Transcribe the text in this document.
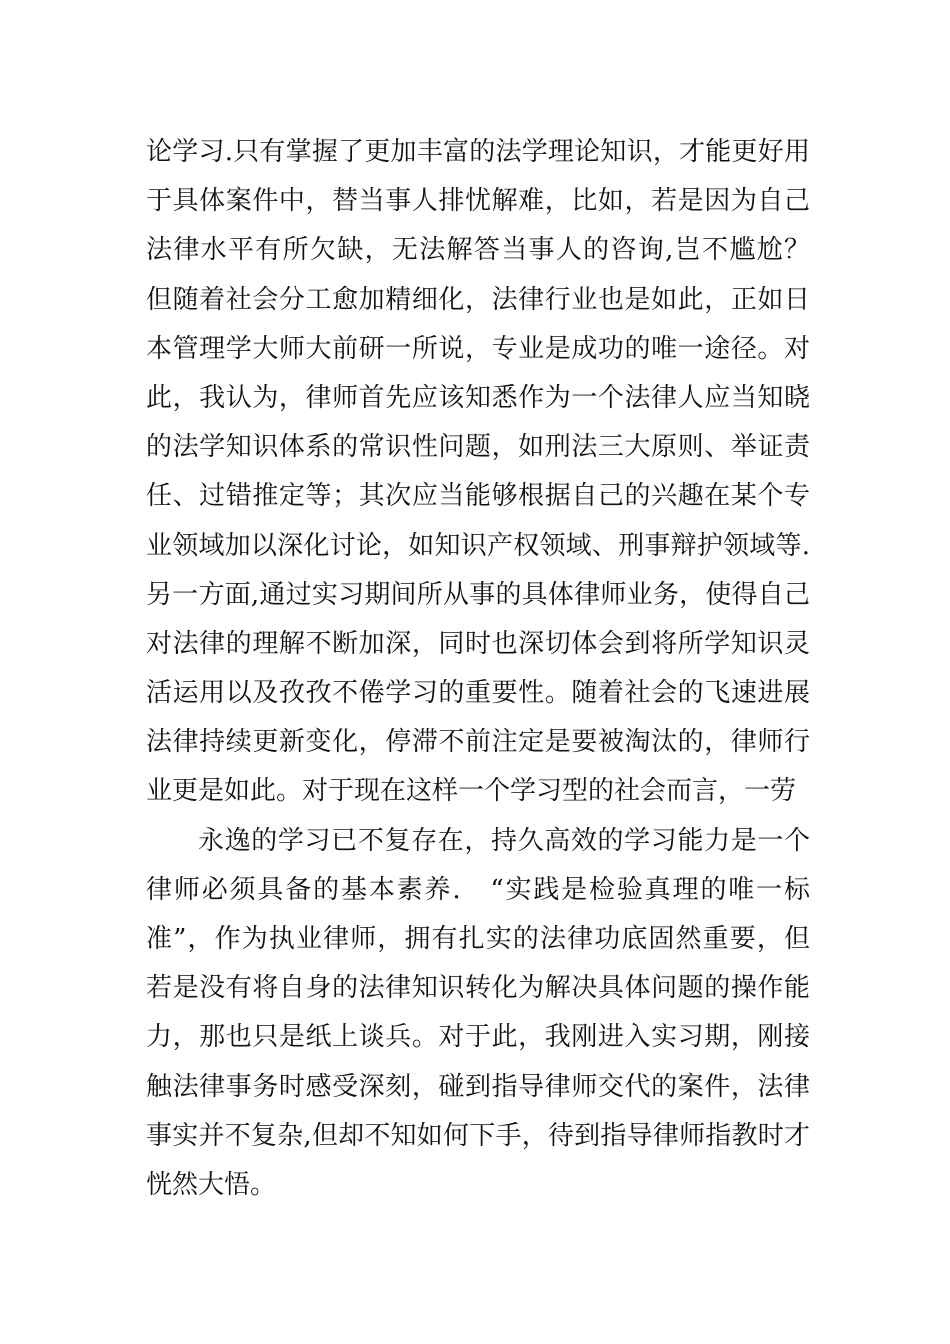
论学习.只有掌握了更加丰富的法学理论知识，才能更好用
于具体案件中，替当事人排忧解难，比如，若是因为自己
法律水平有所欠缺，无法解答当事人的咨询,岂不尴尬？
但随着社会分工愈加精细化，法律行业也是如此，正如日
本管理学大师大前研一所说，专业是成功的唯一途径。对
此，我认为，律师首先应该知悉作为一个法律人应当知晓
的法学知识体系的常识性问题，如刑法三大原则、举证责
任、过错推定等；其次应当能够根据自己的兴趣在某个专
业领域加以深化讨论，如知识产权领域、刑事辩护领域等.
另一方面,通过实习期间所从事的具体律师业务，使得自己
对法律的理解不断加深，同时也深切体会到将所学知识灵
活运用以及孜孜不倦学习的重要性。随着社会的飞速进展
法律持续更新变化，停滞不前注定是要被淘汰的，律师行
业更是如此。对于现在这样一个学习型的社会而言，一劳
永逸的学习已不复存在，持久高效的学习能力是一个
律师必须具备的基本素养.　“实践是检验真理的唯一标
准”，作为执业律师，拥有扎实的法律功底固然重要，但
若是没有将自身的法律知识转化为解决具体问题的操作能
力，那也只是纸上谈兵。对于此，我刚进入实习期，刚接
触法律事务时感受深刻，碰到指导律师交代的案件，法律
事实并不复杂,但却不知如何下手，待到指导律师指教时才
恍然大悟。
